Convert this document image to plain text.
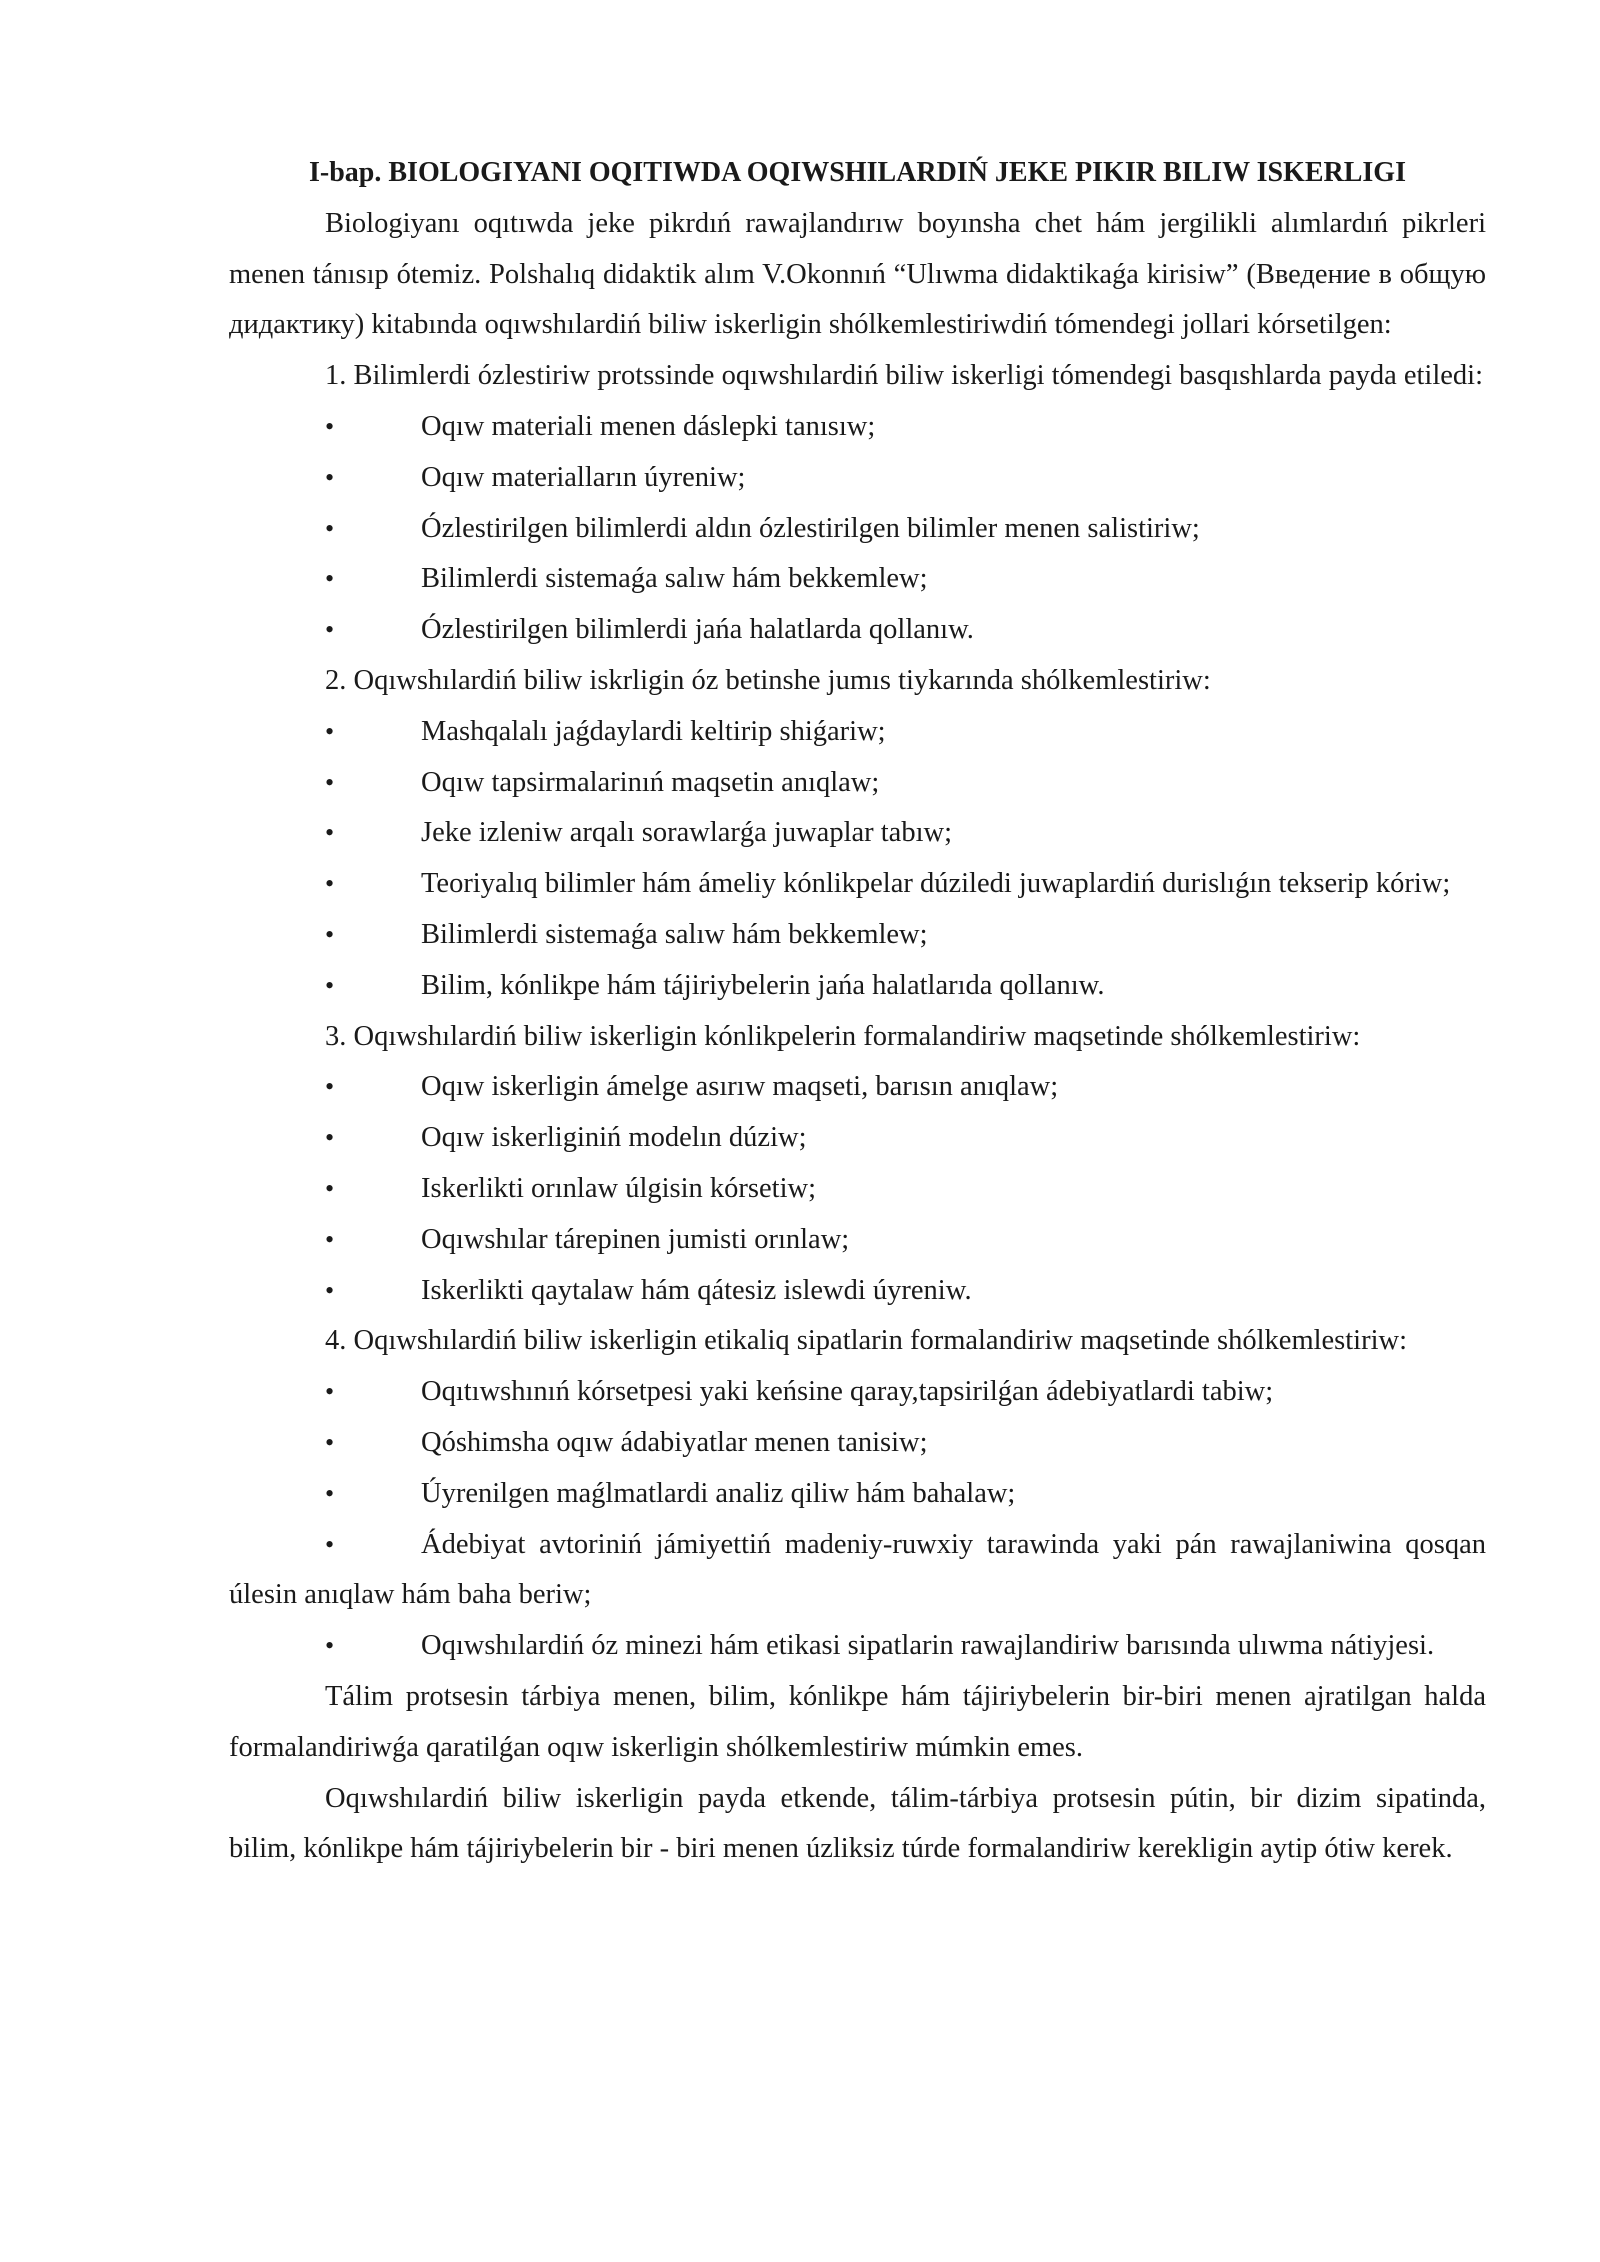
I-bap. BIOLOGIYANI OQITIWDA OQIWSHILARDIŃ JEKE PIKIR BILIW ISKERLIGI

Biologiyanı oqıtıwda jeke pikrdıń rawajlandırıw boyınsha chet hám jergilikli alımlardıń pikrleri menen tánısıp ótemiz. Polshalıq didaktik alım V.Okonnıń “Ulıwma didaktikaǵa kirisiw” (Введение в общую дидактику) kitabında oqıwshılardiń biliw iskerligin shólkemlestiriwdiń tómendegi jollari kórsetilgen:

1. Bilimlerdi ózlestiriw protssinde oqıwshılardiń biliw iskerligi tómendegi basqıshlarda payda etiledi:

•Oqıw materiali menen dáslepki tanısıw;

•Oqıw materialların úyreniw;

•Ózlestirilgen bilimlerdi aldın ózlestirilgen bilimler menen salistiriw;

•Bilimlerdi sistemaǵa salıw hám bekkemlew;

•Ózlestirilgen bilimlerdi jańa halatlarda qollanıw.

2. Oqıwshılardiń biliw iskrligin óz betinshe jumıs tiykarında shólkemlestiriw:

•Mashqalalı jaǵdaylardi keltirip shiǵariw;

•Oqıw tapsirmalarinıń maqsetin anıqlaw;

•Jeke izleniw arqalı sorawlarǵa juwaplar tabıw;

•Teoriyalıq bilimler hám ámeliy kónlikpelar dúziledi juwaplardiń durislıǵın tekserip kóriw;

•Bilimlerdi sistemaǵa salıw hám bekkemlew;

•Bilim, kónlikpe hám tájiriybelerin jańa halatlarıda qollanıw.

3. Oqıwshılardiń biliw iskerligin kónlikpelerin formalandiriw maqsetinde shólkemlestiriw:

•Oqıw iskerligin ámelge asırıw maqseti, barısın anıqlaw;

•Oqıw iskerliginiń modelın dúziw;

•Iskerlikti orınlaw úlgisin kórsetiw;

•Oqıwshılar tárepinen jumisti orınlaw;

•Iskerlikti qaytalaw hám qátesiz islewdi úyreniw.

4. Oqıwshılardiń biliw iskerligin etikaliq sipatlarin formalandiriw maqsetinde shólkemlestiriw:

•Oqıtıwshınıń kórsetpesi yaki keńsine qaray,tapsirilǵan ádebiyatlardi tabiw;

•Qóshimsha oqıw ádabiyatlar menen tanisiw;

•Úyrenilgen maǵlmatlardi analiz qiliw hám bahalaw;

•Ádebiyat avtoriniń jámiyettiń madeniy-ruwxiy tarawinda yaki pán rawajlaniwina qosqan úlesin anıqlaw hám baha beriw;

•Oqıwshılardiń óz minezi hám etikasi sipatlarin rawajlandiriw barısında ulıwma nátiyjesi.

Tálim protsesin tárbiya menen, bilim, kónlikpe hám tájiriybelerin bir-biri menen ajratilgan halda formalandiriwǵa qaratilǵan oqıw iskerligin shólkemlestiriw múmkin emes.

Oqıwshılardiń biliw iskerligin payda etkende, tálim-tárbiya protsesin pútin, bir dizim sipatinda, bilim, kónlikpe hám tájiriybelerin bir - biri menen úzliksiz túrde formalandiriw kerekligin aytip ótiw kerek.
